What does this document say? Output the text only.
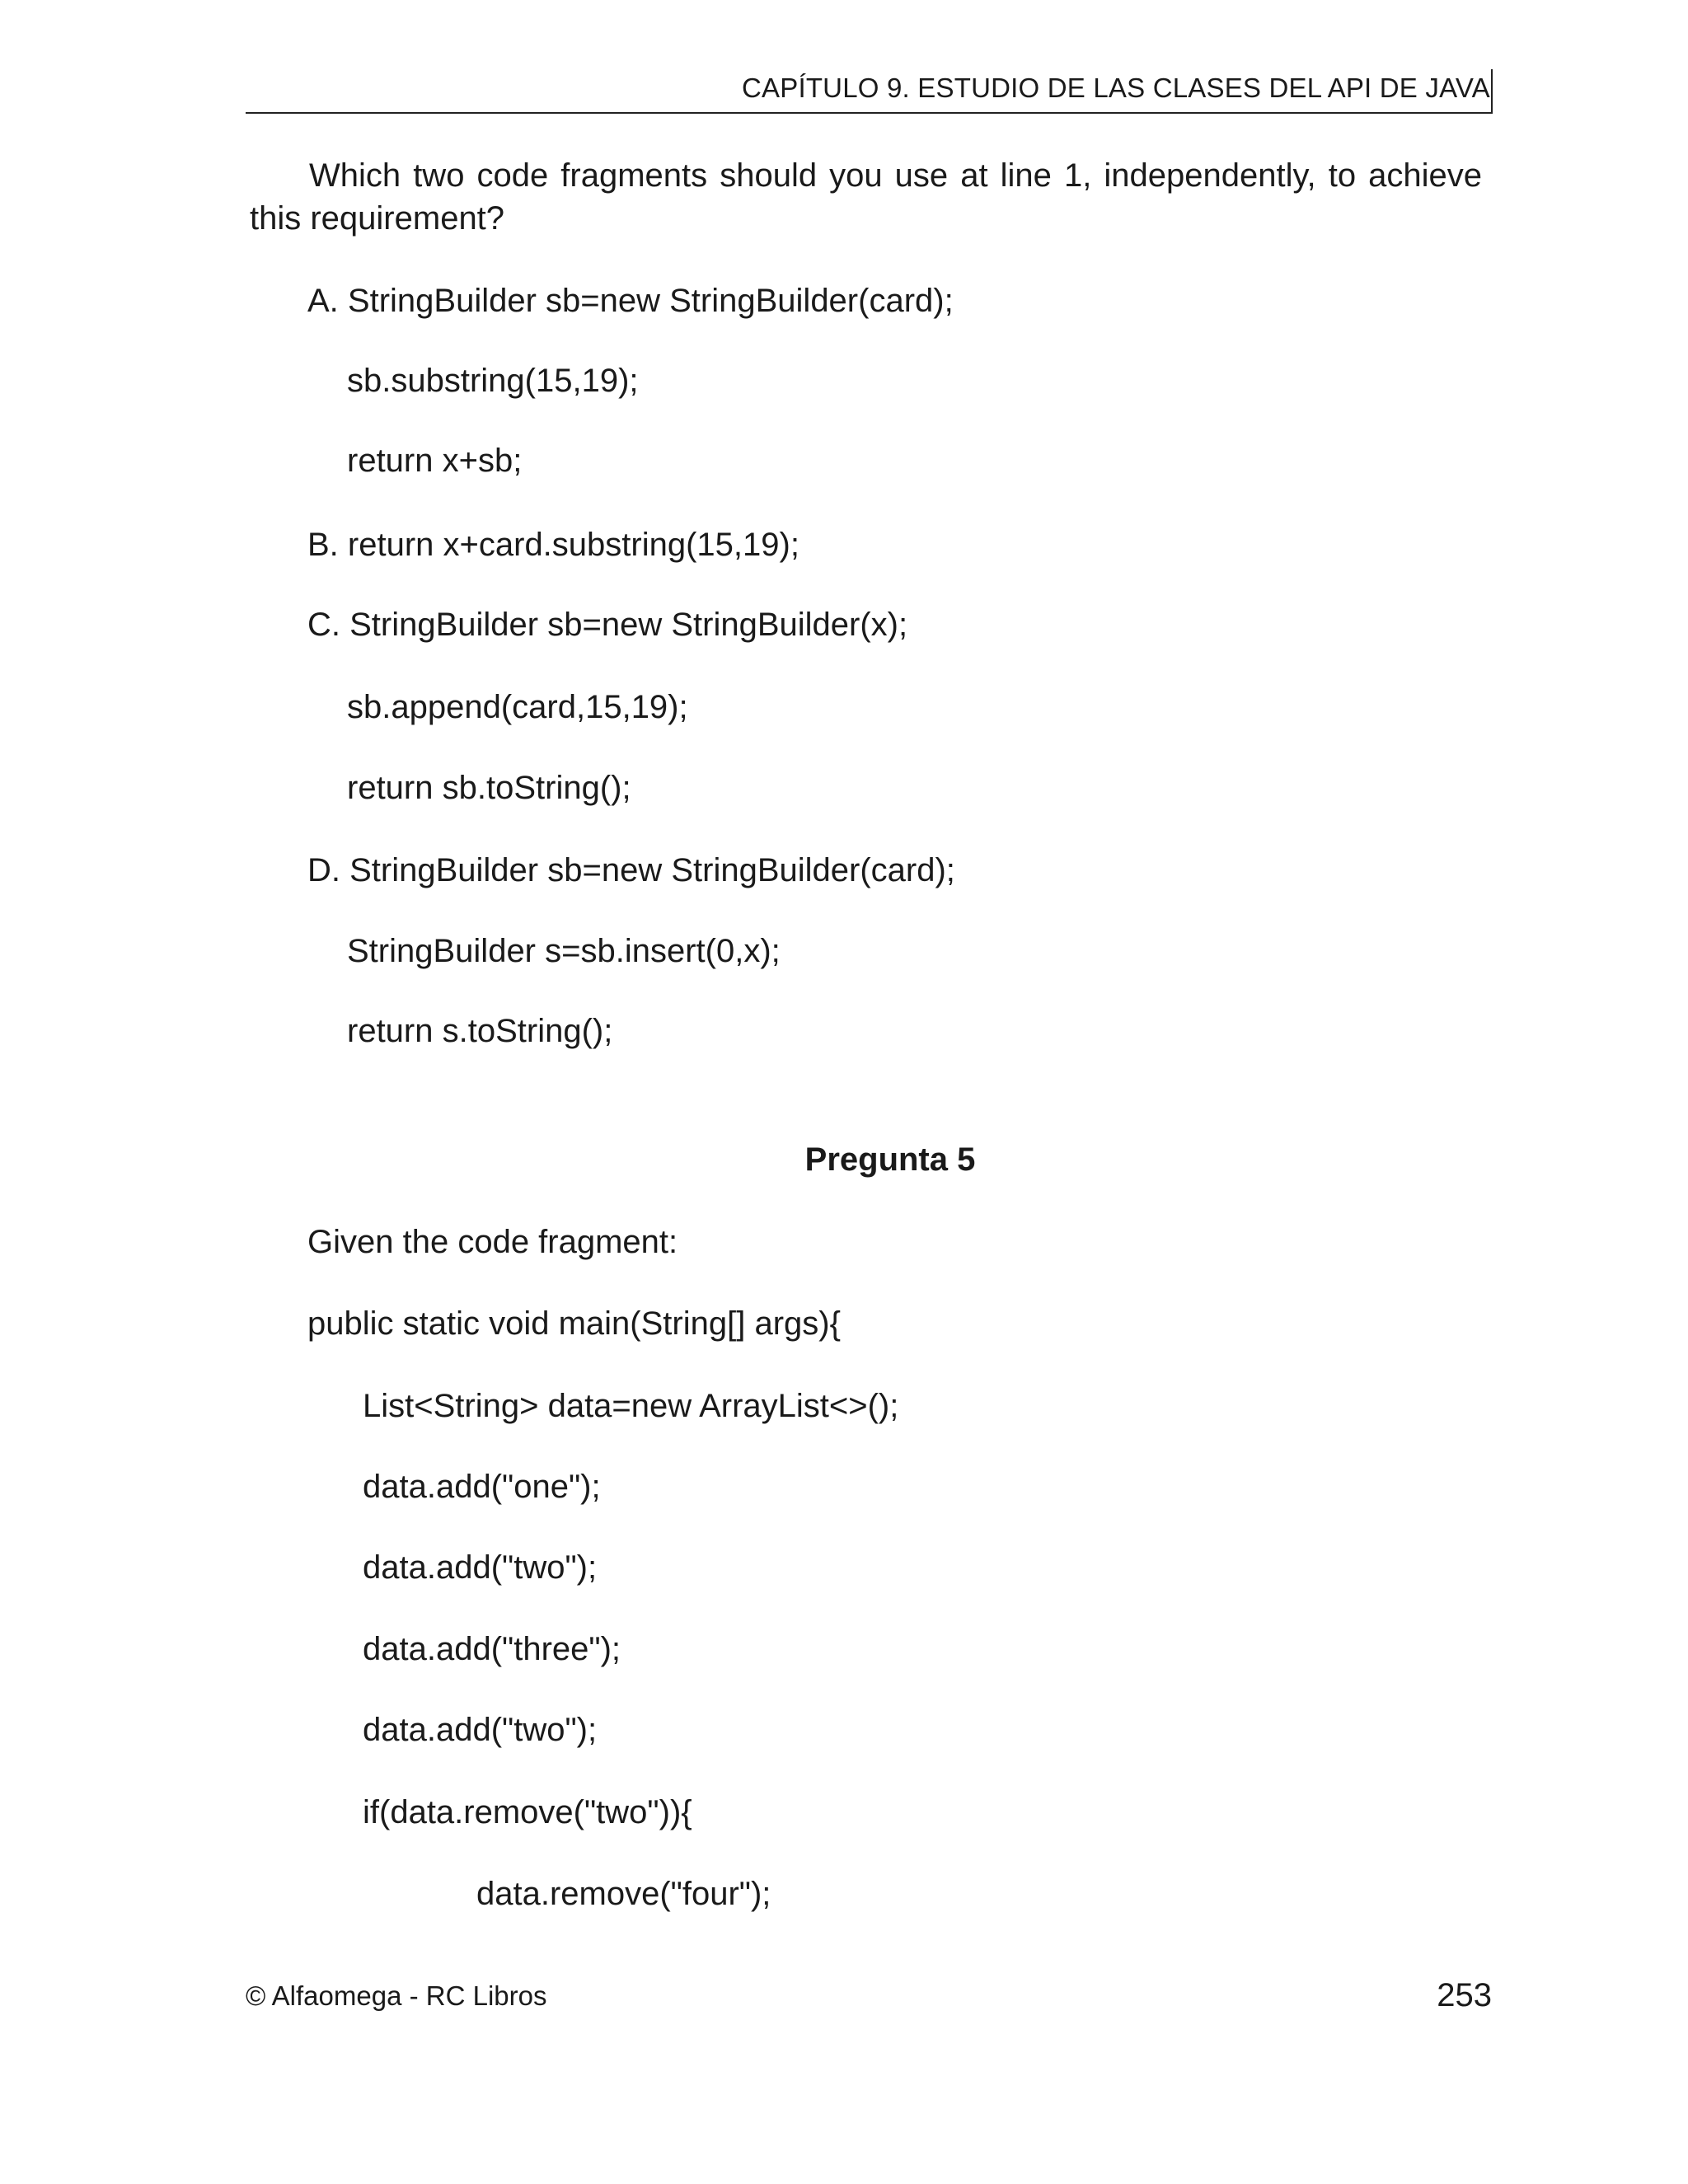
CAPÍTULO 9. ESTUDIO DE LAS CLASES DEL API DE JAVA
Which two code fragments should you use at line 1, independently, to achieve this requirement?
A. StringBuilder sb=new StringBuilder(card);
sb.substring(15,19);
return x+sb;
B. return x+card.substring(15,19);
C. StringBuilder sb=new StringBuilder(x);
sb.append(card,15,19);
return sb.toString();
D. StringBuilder sb=new StringBuilder(card);
StringBuilder s=sb.insert(0,x);
return s.toString();
Pregunta 5
Given the code fragment:
public static void main(String[] args){
List<String> data=new ArrayList<>();
data.add("one");
data.add("two");
data.add("three");
data.add("two");
if(data.remove("two")){
data.remove("four");
© Alfaomega - RC Libros	253
